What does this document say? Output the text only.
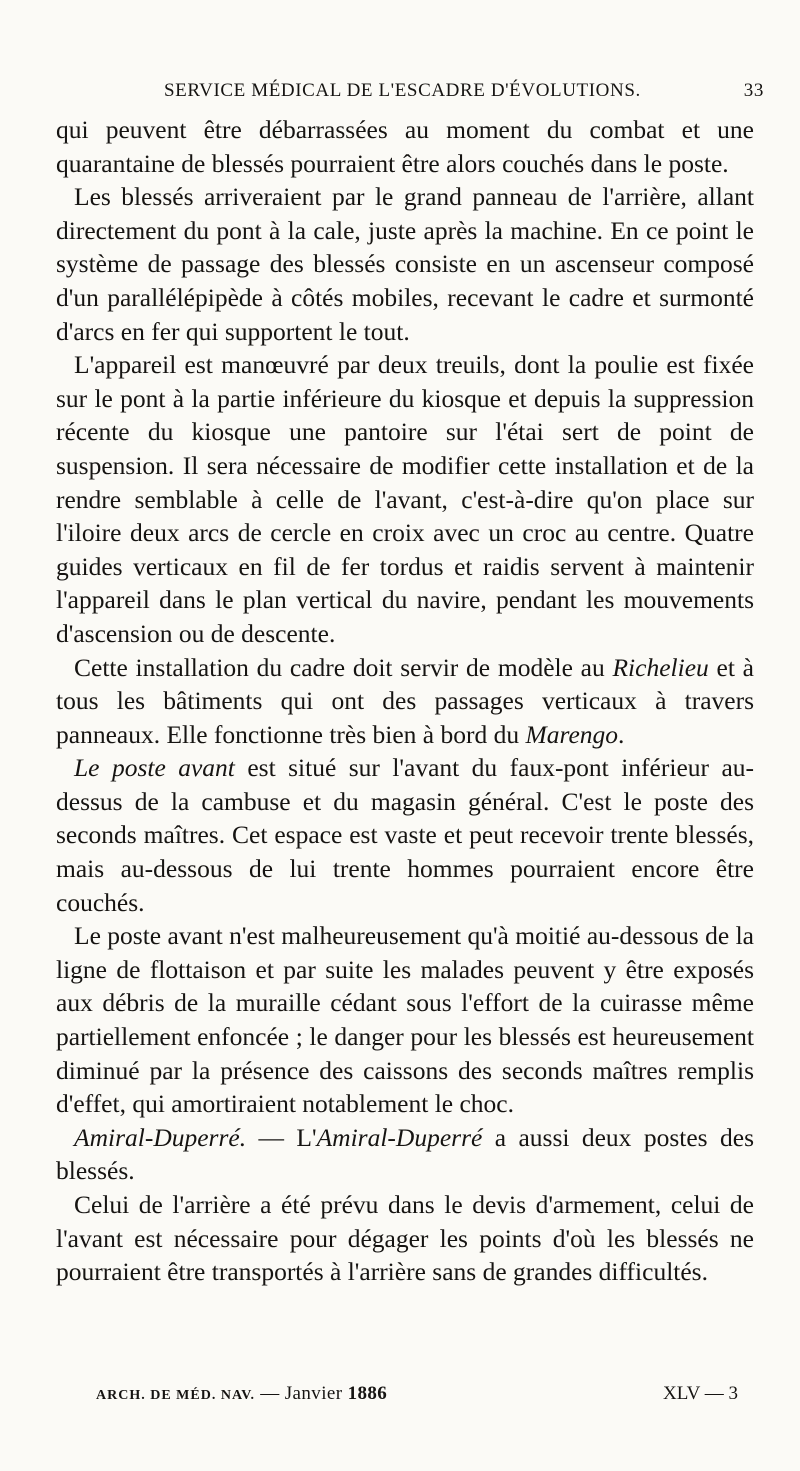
SERVICE MÉDICAL DE L'ESCADRE D'ÉVOLUTIONS.	33

qui peuvent être débarrassées au moment du combat et une quarantaine de blessés pourraient être alors couchés dans le poste.

Les blessés arriveraient par le grand panneau de l'arrière, allant directement du pont à la cale, juste après la machine. En ce point le système de passage des blessés consiste en un ascenseur composé d'un parallélépipède à côtés mobiles, recevant le cadre et surmonté d'arcs en fer qui supportent le tout.

L'appareil est manœuvré par deux treuils, dont la poulie est fixée sur le pont à la partie inférieure du kiosque et depuis la suppression récente du kiosque une pantoire sur l'étai sert de point de suspension. Il sera nécessaire de modifier cette installation et de la rendre semblable à celle de l'avant, c'est-à-dire qu'on place sur l'iloire deux arcs de cercle en croix avec un croc au centre. Quatre guides verticaux en fil de fer tordus et raidis servent à maintenir l'appareil dans le plan vertical du navire, pendant les mouvements d'ascension ou de descente.

Cette installation du cadre doit servir de modèle au Richelieu et à tous les bâtiments qui ont des passages verticaux à travers panneaux. Elle fonctionne très bien à bord du Marengo.

Le poste avant est situé sur l'avant du faux-pont inférieur au-dessus de la cambuse et du magasin général. C'est le poste des seconds maîtres. Cet espace est vaste et peut recevoir trente blessés, mais au-dessous de lui trente hommes pourraient encore être couchés.

Le poste avant n'est malheureusement qu'à moitié au-dessous de la ligne de flottaison et par suite les malades peuvent y être exposés aux débris de la muraille cédant sous l'effort de la cuirasse même partiellement enfoncée ; le danger pour les blessés est heureusement diminué par la présence des caissons des seconds maîtres remplis d'effet, qui amortiraient notablement le choc.

Amiral-Duperré. — L'Amiral-Duperré a aussi deux postes des blessés.

Celui de l'arrière a été prévu dans le devis d'armement, celui de l'avant est nécessaire pour dégager les points d'où les blessés ne pourraient être transportés à l'arrière sans de grandes difficultés.

ARCH. DE MÉD. NAV. — Janvier 1886	XLV — 3
